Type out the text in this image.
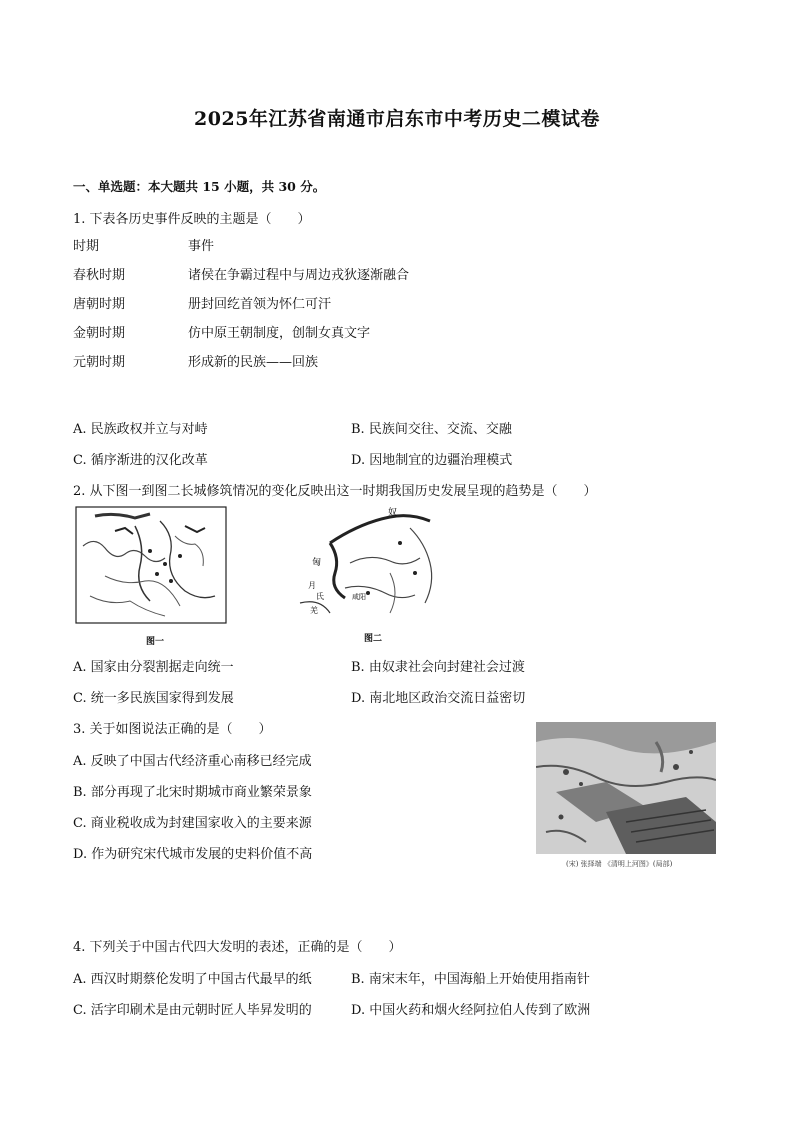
2025年江苏省南通市启东市中考历史二模试卷
一、单选题：本大题共 15 小题，共 30 分。
1. 下表各历史事件反映的主题是（　　）
时期	事件
春秋时期	诸侯在争霸过程中与周边戎狄逐渐融合
唐朝时期	册封回纥首领为怀仁可汗
金朝时期	仿中原王朝制度，创制女真文字
元朝时期	形成新的民族——回族
A. 民族政权并立与对峙	B. 民族间交往、交流、交融
C. 循序渐进的汉化改革	D. 因地制宜的边疆治理模式
2. 从下图一到图二长城修筑情况的变化反映出这一时期我国历史发展呈现的趋势是（　　）
图一
奴
匈
月
氏
羌
咸阳
图二
A. 国家由分裂割据走向统一	B. 由奴隶社会向封建社会过渡
C. 统一多民族国家得到发展	D. 南北地区政治交流日益密切
3. 关于如图说法正确的是（　　）
A. 反映了中国古代经济重心南移已经完成
B. 部分再现了北宋时期城市商业繁荣景象
C. 商业税收成为封建国家收入的主要来源
D. 作为研究宋代城市发展的史料价值不高
(宋) 张择端 《清明上河图》(局部)
4. 下列关于中国古代四大发明的表述，正确的是（　　）
A. 西汉时期蔡伦发明了中国古代最早的纸	B. 南宋末年，中国海船上开始使用指南针
C. 活字印刷术是由元朝时匠人毕昇发明的	D. 中国火药和烟火经阿拉伯人传到了欧洲
